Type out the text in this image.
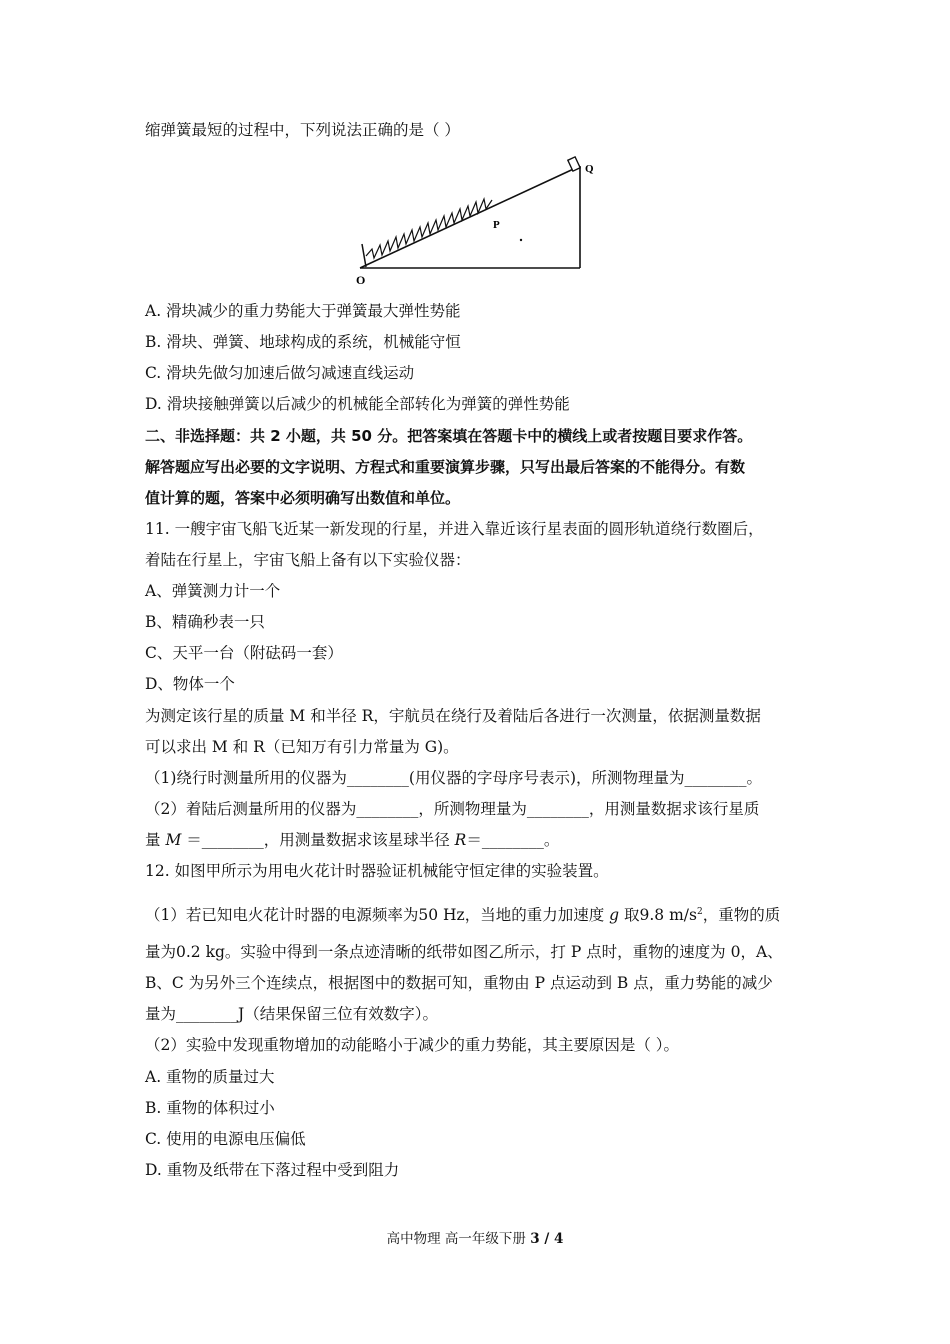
缩弹簧最短的过程中，下列说法正确的是（ ）
O
P
Q
A. 滑块减少的重力势能大于弹簧最大弹性势能
B. 滑块、弹簧、地球构成的系统，机械能守恒
C. 滑块先做匀加速后做匀减速直线运动
D. 滑块接触弹簧以后减少的机械能全部转化为弹簧的弹性势能
二、非选择题：共 2 小题，共 50 分。把答案填在答题卡中的横线上或者按题目要求作答。
解答题应写出必要的文字说明、方程式和重要演算步骤，只写出最后答案的不能得分。有数
值计算的题，答案中必须明确写出数值和单位。
11. 一艘宇宙飞船飞近某一新发现的行星，并进入靠近该行星表面的圆形轨道绕行数圈后，
着陆在行星上，宇宙飞船上备有以下实验仪器：
A、弹簧测力计一个
B、精确秒表一只
C、天平一台（附砝码一套）
D、物体一个
为测定该行星的质量 M 和半径 R，宇航员在绕行及着陆后各进行一次测量，依据测量数据
可以求出 M 和 R（已知万有引力常量为 G)。
（1)绕行时测量所用的仪器为________(用仪器的字母序号表示)，所测物理量为________。
（2）着陆后测量所用的仪器为________，所测物理量为________，用测量数据求该行星质
量 M ＝________，用测量数据求该星球半径 R＝________。
12. 如图甲所示为用电火花计时器验证机械能守恒定律的实验装置。
（1）若已知电火花计时器的电源频率为50 Hz，当地的重力加速度 g 取9.8 $m/s^2$，重物的质
量为0.2 kg。实验中得到一条点迹清晰的纸带如图乙所示，打 P 点时，重物的速度为 0，A、
B、C 为另外三个连续点，根据图中的数据可知，重物由 P 点运动到 B 点，重力势能的减少
量为________J（结果保留三位有效数字）。
（2）实验中发现重物增加的动能略小于减少的重力势能，其主要原因是（ ）。
A. 重物的质量过大
B. 重物的体积过小
C. 使用的电源电压偏低
D. 重物及纸带在下落过程中受到阻力
高中物理 高一年级下册 3 / 4
